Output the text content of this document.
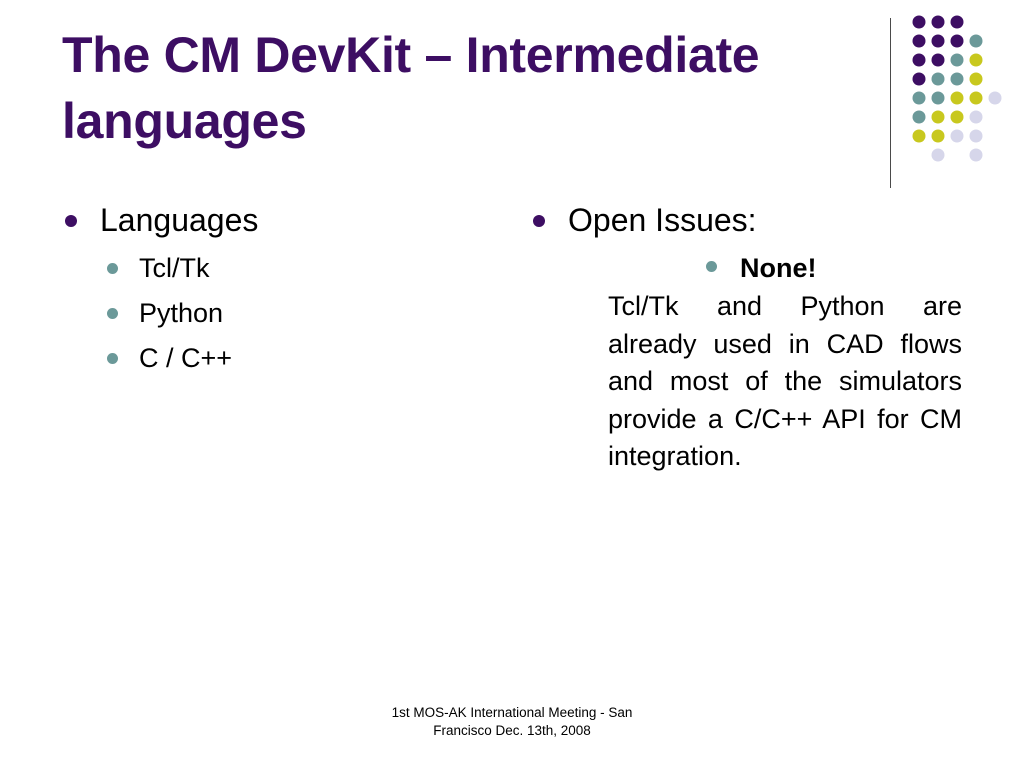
The CM DevKit – Intermediate languages
Languages
Tcl/Tk
Python
C / C++
Open Issues:
None!
Tcl/Tk and Python are already used in CAD flows and most of the simulators provide a C/C++ API for CM integration.
1st MOS-AK International Meeting - San Francisco Dec. 13th, 2008
